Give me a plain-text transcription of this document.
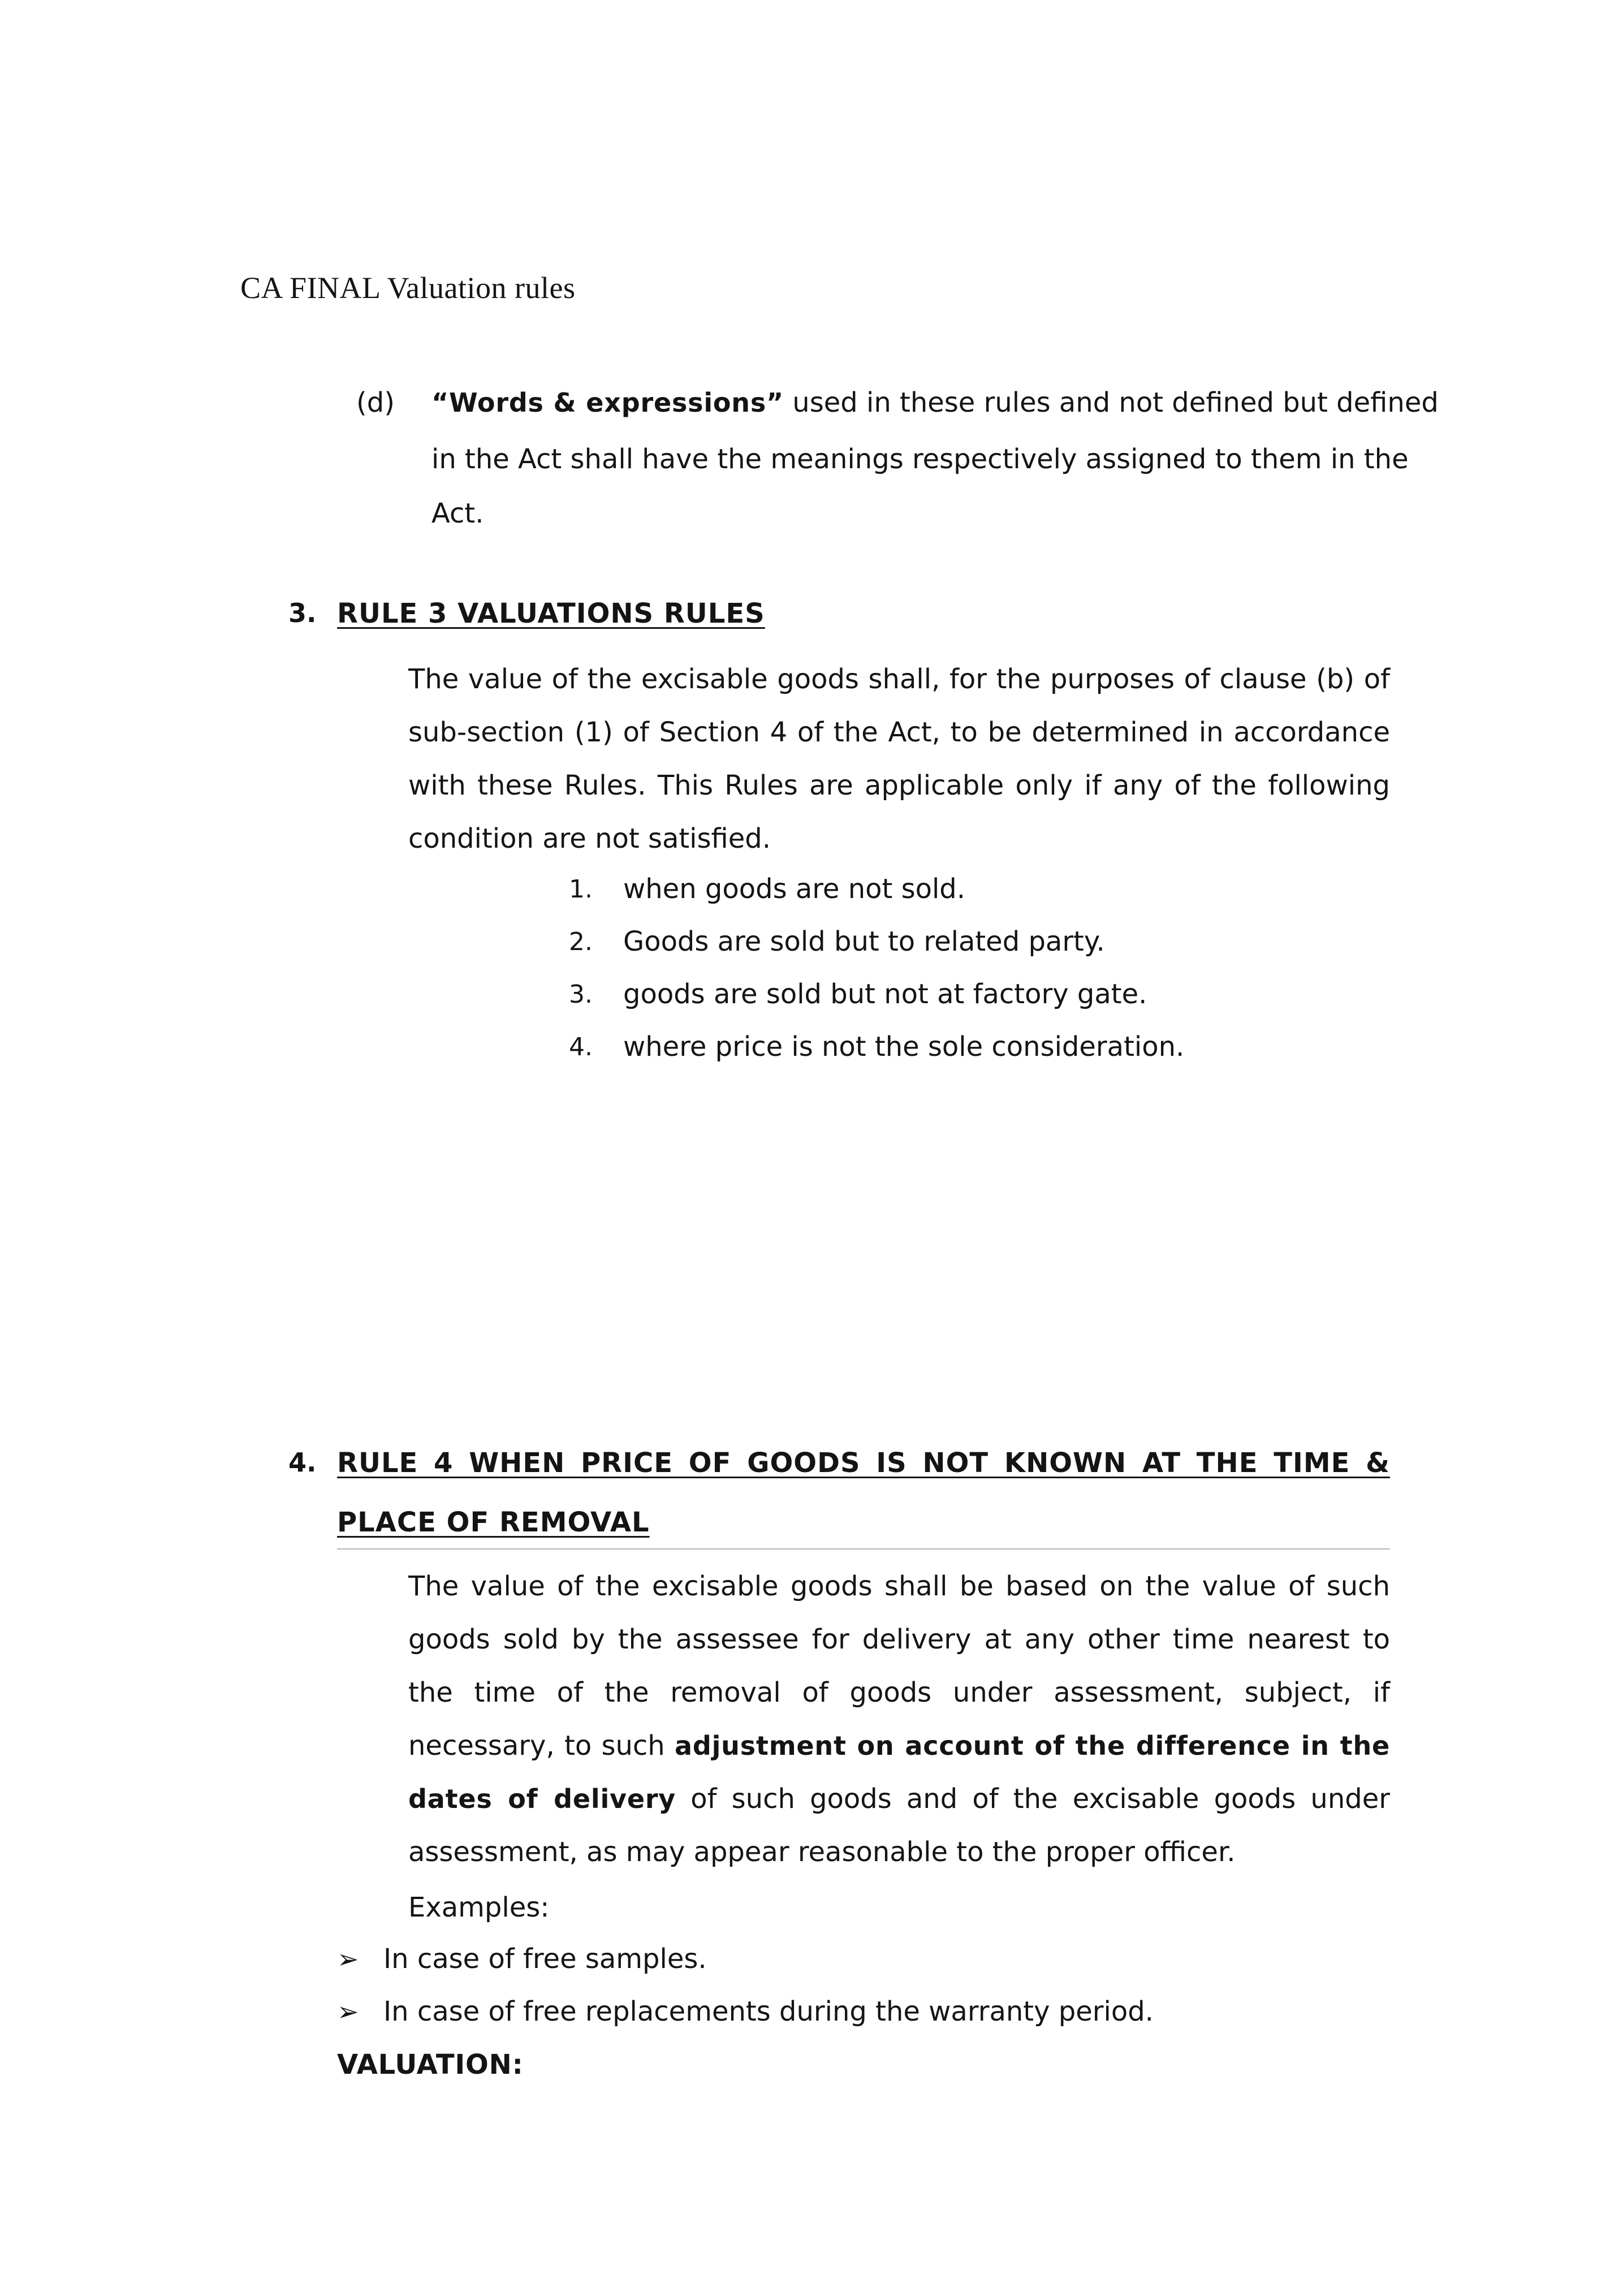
CA FINAL Valuation rules
(d) “Words & expressions” used in these rules and not defined but defined
in the Act shall have the meanings respectively assigned to them in the
Act.
3. RULE 3 VALUATIONS RULES

The value of the excisable goods shall, for the purposes of clause (b) of sub-section (1) of Section 4 of the Act, to be determined in accordance with these Rules. This Rules are applicable only if any of the following condition are not satisfied.

1. when goods are not sold.
2. Goods are sold but to related party.
3. goods are sold but not at factory gate.
4. where price is not the sole consideration.
4. RULE 4 WHEN PRICE OF GOODS IS NOT KNOWN AT THE TIME &
PLACE OF REMOVAL

The value of the excisable goods shall be based on the value of such goods sold by the assessee for delivery at any other time nearest to the time of the removal of goods under assessment, subject, if necessary, to such adjustment on account of the difference in the dates of delivery of such goods and of the excisable goods under assessment, as may appear reasonable to the proper officer.

Examples:
➢ In case of free samples.
➢ In case of free replacements during the warranty period.
VALUATION:
